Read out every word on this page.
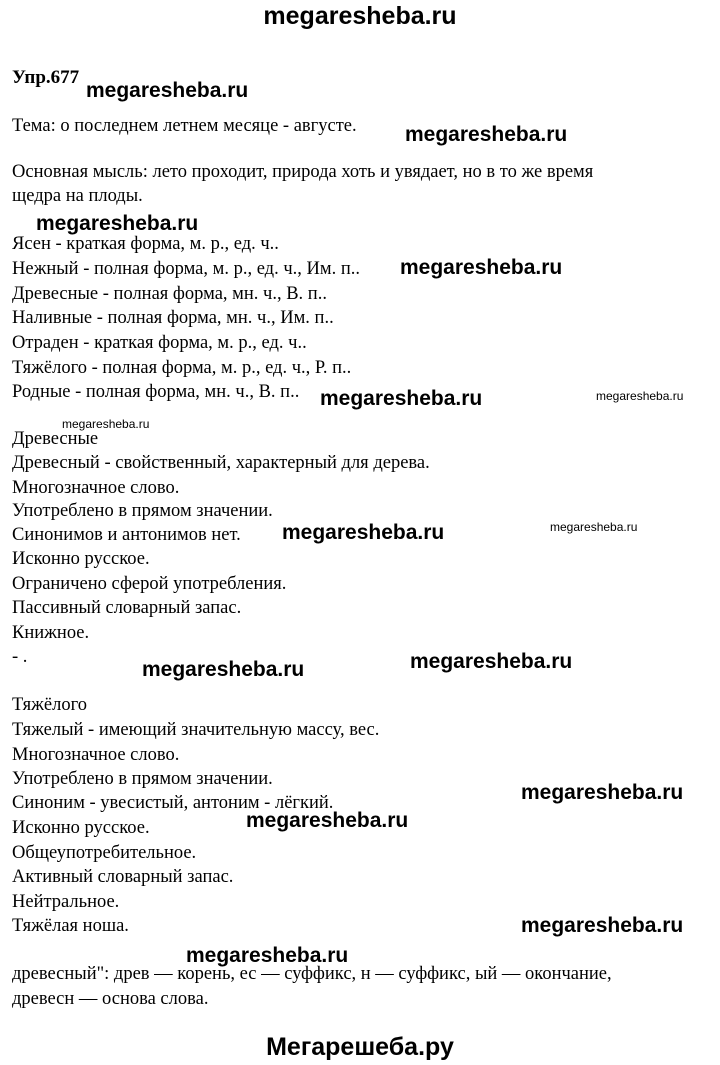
megaresheba.ru
Упр.677
Тема: о последнем летнем месяце - августе.
Основная мысль: лето проходит, природа хоть и увядает, но в то же время
щедра на плоды.
Ясен - краткая форма, м. р., ед. ч..
Нежный - полная форма, м. р., ед. ч., Им. п..
Древесные - полная форма, мн. ч., В. п..
Наливные - полная форма, мн. ч., Им. п..
Отраден - краткая форма, м. р., ед. ч..
Тяжёлого - полная форма, м. р., ед. ч., Р. п..
Родные - полная форма, мн. ч., В. п..
Древесные
Древесный - свойственный, характерный для дерева.
Многозначное слово.
Употреблено в прямом значении.
Синонимов и антонимов нет.
Исконно русское.
Ограничено сферой употребления.
Пассивный словарный запас.
Книжное.
- .
Тяжёлого
Тяжелый - имеющий значительную массу, вес.
Многозначное слово.
Употреблено в прямом значении.
Синоним - увесистый, антоним - лёгкий.
Исконно русское.
Общеупотребительное.
Активный словарный запас.
Нейтральное.
Тяжёлая ноша.
древесный": древ — корень, ес — суффикс, н — суффикс, ый — окончание,
древесн — основа слова.
Мегарешеба.ру
megaresheba.ru
megaresheba.ru
megaresheba.ru
megaresheba.ru
megaresheba.ru	megaresheba.ru
megaresheba.ru
megaresheba.ru	megaresheba.ru
megaresheba.ru	megaresheba.ru
megaresheba.ru
megaresheba.ru
megaresheba.ru
megaresheba.ru
